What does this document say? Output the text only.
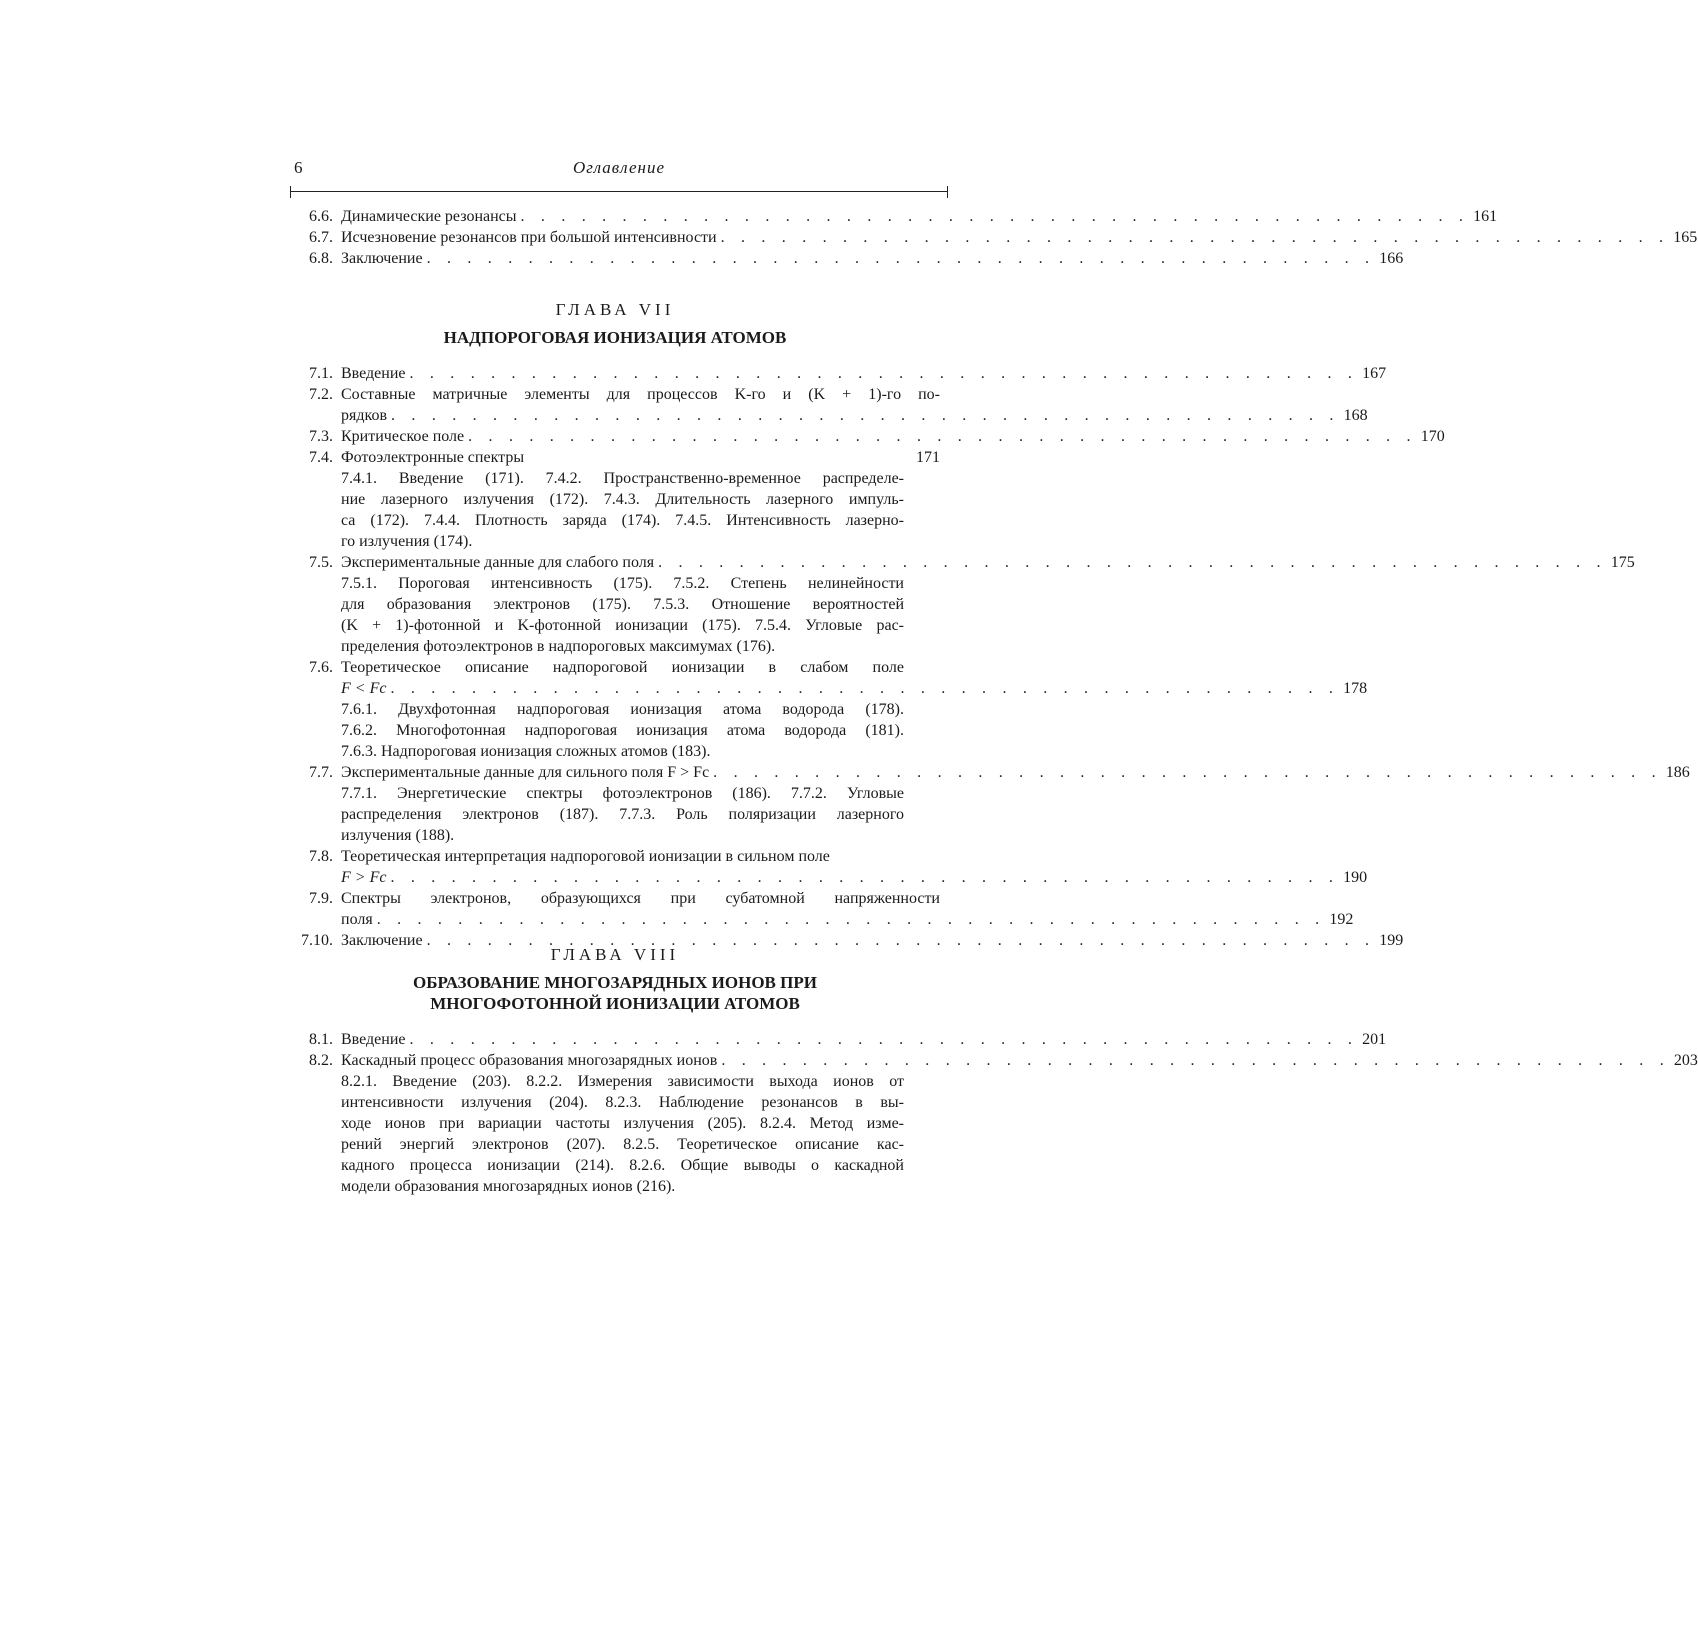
6	Оглавление
6.6. Динамические резонансы . . . . . . . . . . . . . . . . . . . . . . . . . . . . . . . . . . . . . . . . . . . . . . . 161
6.7. Исчезновение резонансов при большой интенсивности . . . . . . . . . . . . . . . . . . . . . . . . . . . . . . . . . . . . . . . . . . . . . . . 165
6.8. Заключение . . . . . . . . . . . . . . . . . . . . . . . . . . . . . . . . . . . . . . . . . . . . . . . 166
ГЛАВА VII
НАДПОРОГОВАЯ ИОНИЗАЦИЯ АТОМОВ
7.1. Введение . . . . . . . . . . . . . . . . . . . . . . . . . . . . . . . . . . . . . . . . . . . . . . . 167
7.2. Составные матричные элементы для процессов K-го и (K + 1)-го по-
рядков . . . . . . . . . . . . . . . . . . . . . . . . . . . . . . . . . . . . . . . . . . . . . . . 168
7.3. Критическое поле . . . . . . . . . . . . . . . . . . . . . . . . . . . . . . . . . . . . . . . . . . . . . . . 170
7.4. Фотоэлектронные спектры	171
7.4.1. Введение (171). 7.4.2. Пространственно-временное распределе-
ние лазерного излучения (172). 7.4.3. Длительность лазерного импуль-
са (172). 7.4.4. Плотность заряда (174). 7.4.5. Интенсивность лазерно-
го излучения (174).
7.5. Экспериментальные данные для слабого поля . . . . . . . . . . . . . . . . . . . . . . . . . . . . . . . . . . . . . . . . . . . . . . . 175
7.5.1. Пороговая интенсивность (175). 7.5.2. Степень нелинейности
для образования электронов (175). 7.5.3. Отношение вероятностей
(K + 1)-фотонной и K-фотонной ионизации (175). 7.5.4. Угловые рас-
пределения фотоэлектронов в надпороговых максимумах (176).
7.6. Теоретическое описание надпороговой ионизации в слабом поле
F < Fc . . . . . . . . . . . . . . . . . . . . . . . . . . . . . . . . . . . . . . . . . . . . . . . 178
7.6.1. Двухфотонная надпороговая ионизация атома водорода (178).
7.6.2. Многофотонная надпороговая ионизация атома водорода (181).
7.6.3. Надпороговая ионизация сложных атомов (183).
7.7. Экспериментальные данные для сильного поля F > Fc . . . . . . . . . . . . . . . . . . . . . . . . . . . . . . . . . . . . . . . . . . . . . . . 186
7.7.1. Энергетические спектры фотоэлектронов (186). 7.7.2. Угловые
распределения электронов (187). 7.7.3. Роль поляризации лазерного
излучения (188).
7.8. Теоретическая интерпретация надпороговой ионизации в сильном поле
F > Fc . . . . . . . . . . . . . . . . . . . . . . . . . . . . . . . . . . . . . . . . . . . . . . . 190
7.9. Спектры электронов, образующихся при субатомной напряженности
поля . . . . . . . . . . . . . . . . . . . . . . . . . . . . . . . . . . . . . . . . . . . . . . . 192
7.10. Заключение . . . . . . . . . . . . . . . . . . . . . . . . . . . . . . . . . . . . . . . . . . . . . . . 199
ГЛАВА VIII
ОБРАЗОВАНИЕ МНОГОЗАРЯДНЫХ ИОНОВ ПРИ
МНОГОФОТОННОЙ ИОНИЗАЦИИ АТОМОВ
8.1. Введение . . . . . . . . . . . . . . . . . . . . . . . . . . . . . . . . . . . . . . . . . . . . . . . 201
8.2. Каскадный процесс образования многозарядных ионов . . . . . . . . . . . . . . . . . . . . . . . . . . . . . . . . . . . . . . . . . . . . . . . 203
8.2.1. Введение (203). 8.2.2. Измерения зависимости выхода ионов от
интенсивности излучения (204). 8.2.3. Наблюдение резонансов в вы-
ходе ионов при вариации частоты излучения (205). 8.2.4. Метод изме-
рений энергий электронов (207). 8.2.5. Теоретическое описание кас-
кадного процесса ионизации (214). 8.2.6. Общие выводы о каскадной
модели образования многозарядных ионов (216).
